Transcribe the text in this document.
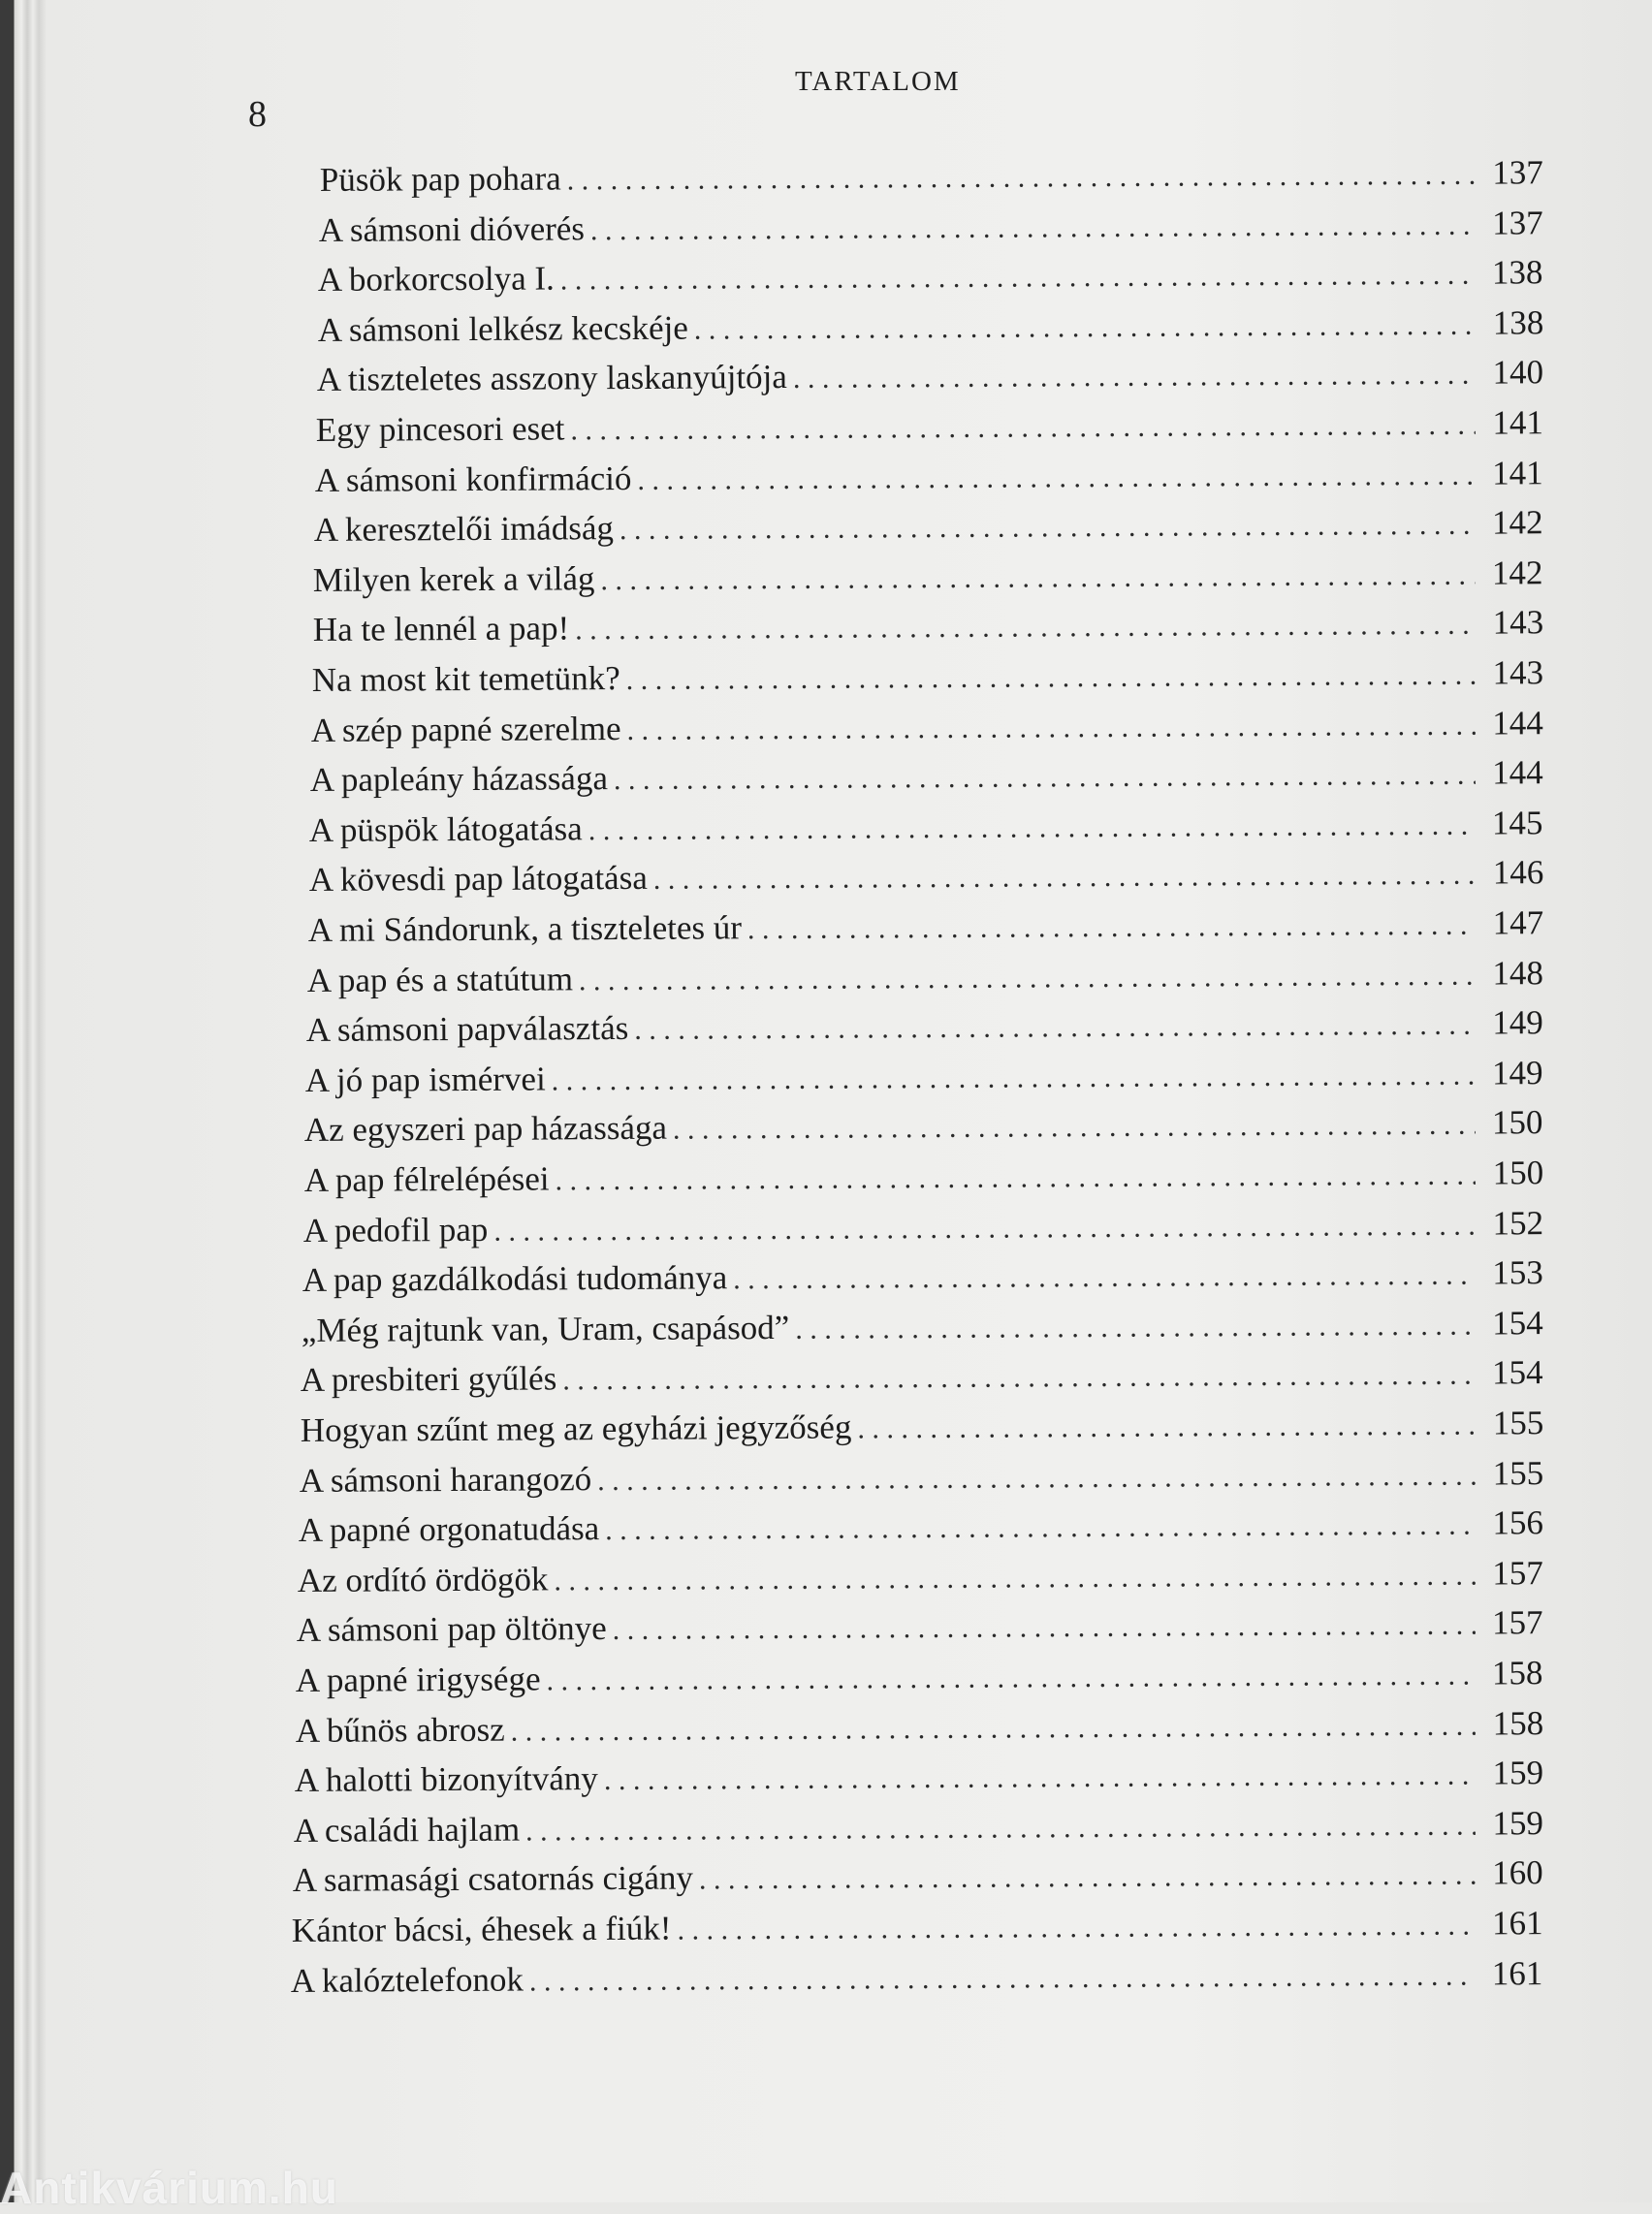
TARTALOM
8
Püsök pap pohara . . .	137
A sámsoni dióverés . . .	137
A borkorcsolya I. . . .	138
A sámsoni lelkész kecskéje . . .	138
A tiszteletes asszony laskanyújtója . . .	140
Egy pincesori eset . . .	141
A sámsoni konfirmáció . . .	141
A keresztelői imádság . . .	142
Milyen kerek a világ . . .	142
Ha te lennél a pap! . . .	143
Na most kit temetünk? . . .	143
A szép papné szerelme . . .	144
A papleány házassága . . .	144
A püspök látogatása . . .	145
A kövesdi pap látogatása . . .	146
A mi Sándorunk, a tiszteletes úr . . .	147
A pap és a statútum . . .	148
A sámsoni papválasztás . . .	149
A jó pap ismérvei . . .	149
Az egyszeri pap házassága . . .	150
A pap félrelépései . . .	150
A pedofil pap . . .	152
A pap gazdálkodási tudománya . . .	153
„Még rajtunk van, Uram, csapásod” . . .	154
A presbiteri gyűlés . . .	154
Hogyan szűnt meg az egyházi jegyzőség . . .	155
A sámsoni harangozó . . .	155
A papné orgonatudása . . .	156
Az ordító ördögök . . .	157
A sámsoni pap öltönye . . .	157
A papné irigysége . . .	158
A bűnös abrosz . . .	158
A halotti bizonyítvány . . .	159
A családi hajlam . . .	159
A sarmasági csatornás cigány . . .	160
Kántor bácsi, éhesek a fiúk! . . .	161
A kalóztelefonok . . .	161
Antikvárium.hu
